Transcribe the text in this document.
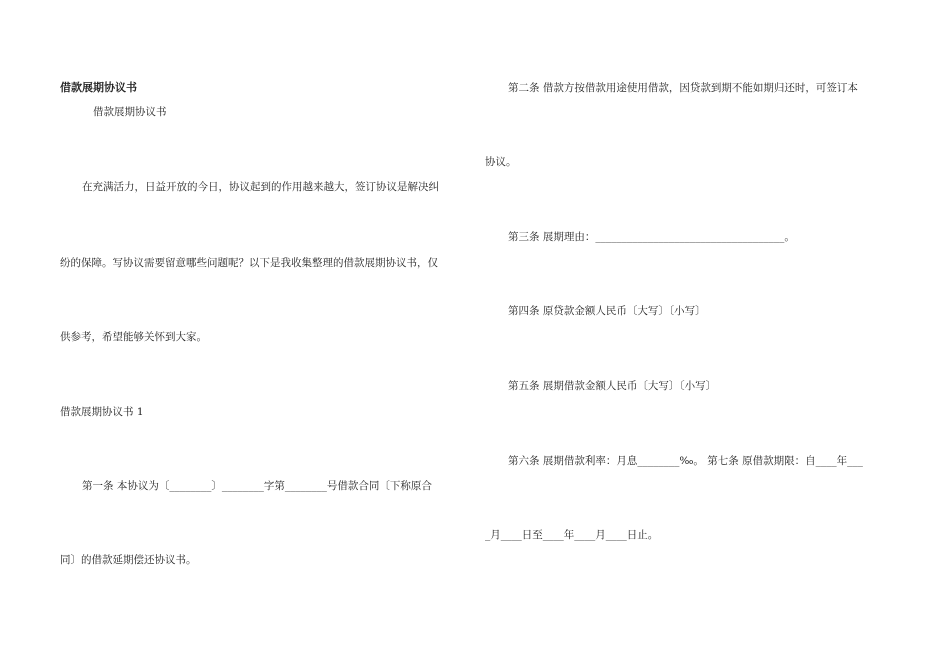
借款展期协议书
借款展期协议书
在充满活力，日益开放的今日，协议起到的作用越来越大，签订协议是解决纠
纷的保障。写协议需要留意哪些问题呢？以下是我收集整理的借款展期协议书，仅
供参考，希望能够关怀到大家。
借款展期协议书 1
第一条 本协议为〔________〕________字第________号借款合同〔下称原合
同〕的借款延期偿还协议书。
第二条 借款方按借款用途使用借款，因贷款到期不能如期归还时，可签订本
协议。
第三条 展期理由：____________________________________。
第四条 原贷款金额人民币〔大写〕〔小写〕
第五条 展期借款金额人民币〔大写〕〔小写〕
第六条 展期借款利率：月息________‰。 第七条 原借款期限：自____年___
_月____日至____年____月____日止。
